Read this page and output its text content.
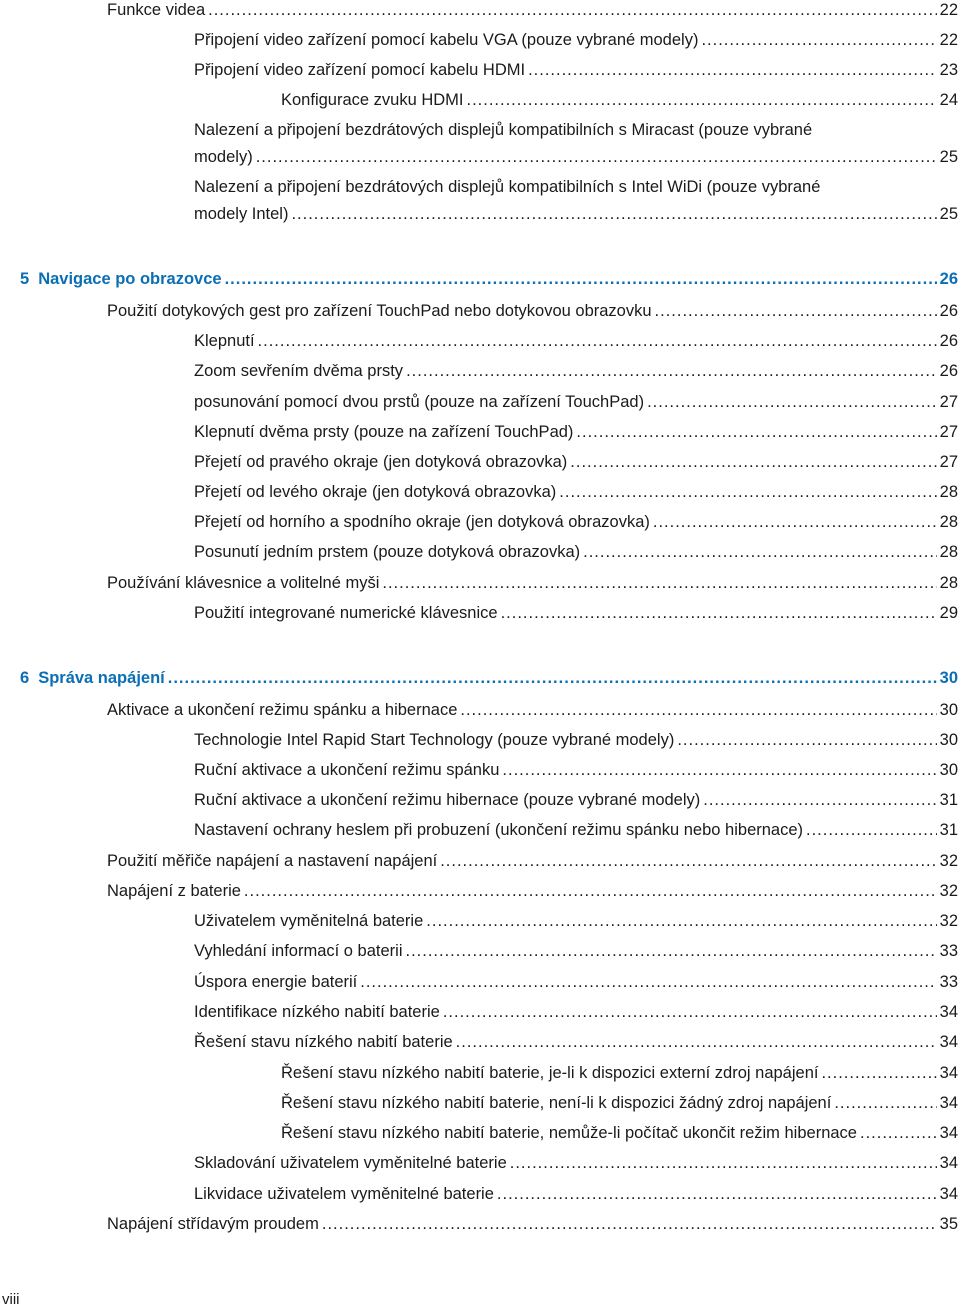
Funkce videa .....	22
Připojení video zařízení pomocí kabelu VGA (pouze vybrané modely) .....	22
Připojení video zařízení pomocí kabelu HDMI .....	23
Konfigurace zvuku HDMI .....	24
Nalezení a připojení bezdrátových displejů kompatibilních s Miracast (pouze vybrané
modely) .....	25
Nalezení a připojení bezdrátových displejů kompatibilních s Intel WiDi (pouze vybrané
modely Intel) .....	25
5 Navigace po obrazovce .....	26
Použití dotykových gest pro zařízení TouchPad nebo dotykovou obrazovku .....	26
Klepnutí .....	26
Zoom sevřením dvěma prsty .....	26
posunování pomocí dvou prstů (pouze na zařízení TouchPad) .....	27
Klepnutí dvěma prsty (pouze na zařízení TouchPad) .....	27
Přejetí od pravého okraje (jen dotyková obrazovka) .....	27
Přejetí od levého okraje (jen dotyková obrazovka) .....	28
Přejetí od horního a spodního okraje (jen dotyková obrazovka) .....	28
Posunutí jedním prstem (pouze dotyková obrazovka) .....	28
Používání klávesnice a volitelné myši .....	28
Použití integrované numerické klávesnice .....	29
6 Správa napájení .....	30
Aktivace a ukončení režimu spánku a hibernace .....	30
Technologie Intel Rapid Start Technology (pouze vybrané modely) .....	30
Ruční aktivace a ukončení režimu spánku .....	30
Ruční aktivace a ukončení režimu hibernace (pouze vybrané modely) .....	31
Nastavení ochrany heslem při probuzení (ukončení režimu spánku nebo hibernace) .....	31
Použití měřiče napájení a nastavení napájení .....	32
Napájení z baterie .....	32
Uživatelem vyměnitelná baterie .....	32
Vyhledání informací o baterii .....	33
Úspora energie baterií .....	33
Identifikace nízkého nabití baterie .....	34
Řešení stavu nízkého nabití baterie .....	34
Řešení stavu nízkého nabití baterie, je-li k dispozici externí zdroj napájení .....	34
Řešení stavu nízkého nabití baterie, není-li k dispozici žádný zdroj napájení .....	34
Řešení stavu nízkého nabití baterie, nemůže-li počítač ukončit režim hibernace .....	34
Skladování uživatelem vyměnitelné baterie .....	34
Likvidace uživatelem vyměnitelné baterie .....	34
Napájení střídavým proudem .....	35
viii
